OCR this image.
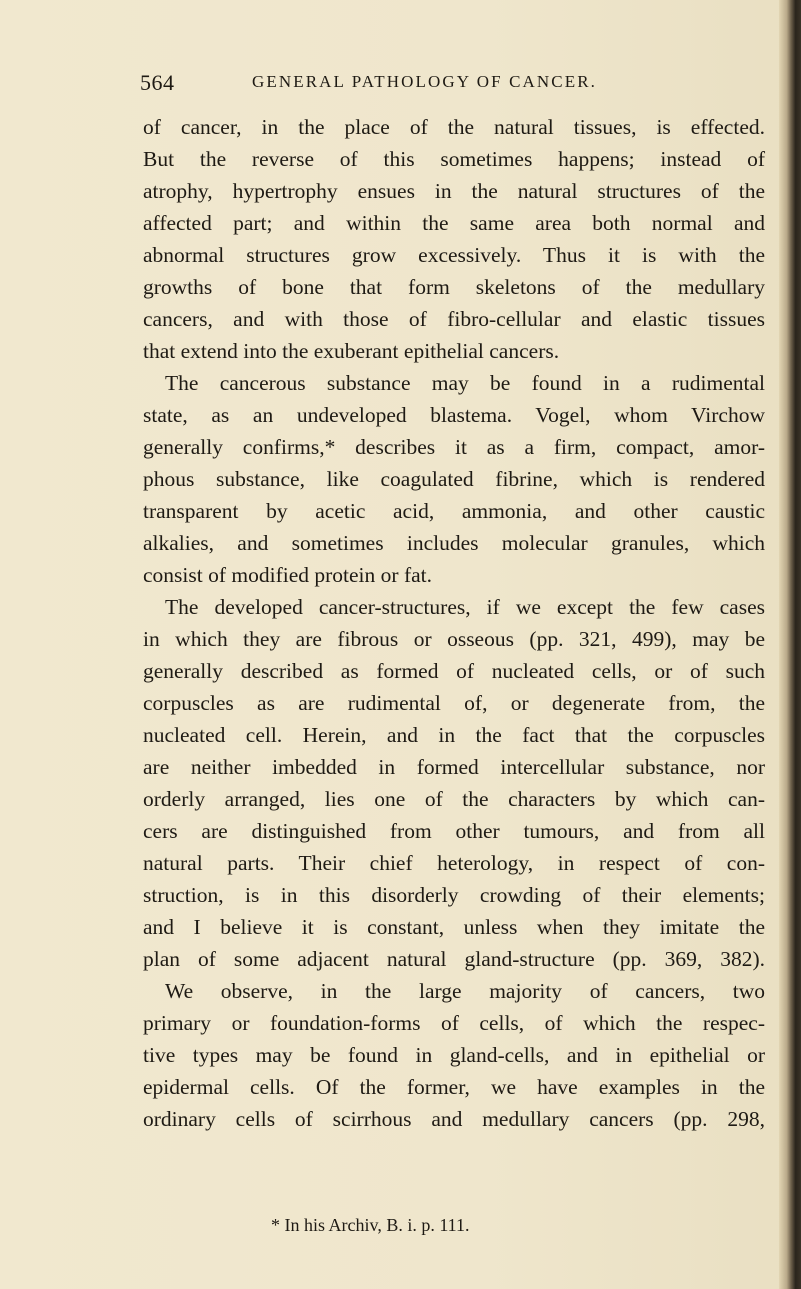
564	GENERAL PATHOLOGY OF CANCER.
of cancer, in the place of the natural tissues, is effected.
But the reverse of this sometimes happens; instead of
atrophy, hypertrophy ensues in the natural structures of the
affected part; and within the same area both normal and
abnormal structures grow excessively. Thus it is with the
growths of bone that form skeletons of the medullary
cancers, and with those of fibro-cellular and elastic tissues
that extend into the exuberant epithelial cancers.
The cancerous substance may be found in a rudimental
state, as an undeveloped blastema. Vogel, whom Virchow
generally confirms,* describes it as a firm, compact, amor-
phous substance, like coagulated fibrine, which is rendered
transparent by acetic acid, ammonia, and other caustic
alkalies, and sometimes includes molecular granules, which
consist of modified protein or fat.
The developed cancer-structures, if we except the few cases
in which they are fibrous or osseous (pp. 321, 499), may be
generally described as formed of nucleated cells, or of such
corpuscles as are rudimental of, or degenerate from, the
nucleated cell. Herein, and in the fact that the corpuscles
are neither imbedded in formed intercellular substance, nor
orderly arranged, lies one of the characters by which can-
cers are distinguished from other tumours, and from all
natural parts. Their chief heterology, in respect of con-
struction, is in this disorderly crowding of their elements;
and I believe it is constant, unless when they imitate the
plan of some adjacent natural gland-structure (pp. 369, 382).
We observe, in the large majority of cancers, two
primary or foundation-forms of cells, of which the respec-
tive types may be found in gland-cells, and in epithelial or
epidermal cells. Of the former, we have examples in the
ordinary cells of scirrhous and medullary cancers (pp. 298,
* In his Archiv, B. i. p. 111.
